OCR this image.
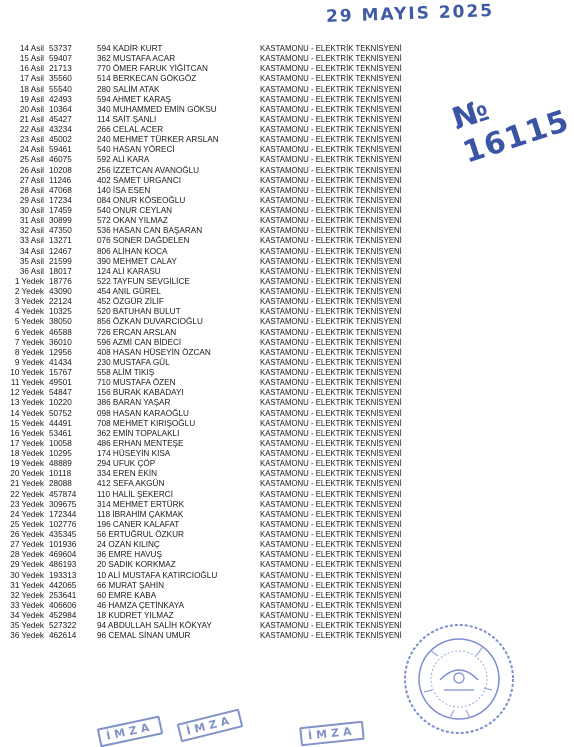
29 MAYIS 2025
№ 16115
14 Asil 53737	594 KADİR KURT	KASTAMONU - ELEKTRİK TEKNİSYENİ
15 Asil 59407	362 MUSTAFA ACAR	KASTAMONU - ELEKTRİK TEKNİSYENİ
16 Asil 21713	770 ÖMER FARUK YİĞİTCAN	KASTAMONU - ELEKTRİK TEKNİSYENİ
17 Asil 35560	514 BERKECAN GÖKGÖZ	KASTAMONU - ELEKTRİK TEKNİSYENİ
18 Asil 55540	280 SALİM ATAK	KASTAMONU - ELEKTRİK TEKNİSYENİ
19 Asil 42493	594 AHMET KARAŞ	KASTAMONU - ELEKTRİK TEKNİSYENİ
20 Asil 10364	340 MUHAMMED EMİN GÖKSU	KASTAMONU - ELEKTRİK TEKNİSYENİ
21 Asil 45427	114 SAİT ŞANLI	KASTAMONU - ELEKTRİK TEKNİSYENİ
22 Asil 43234	266 CELAL ACER	KASTAMONU - ELEKTRİK TEKNİSYENİ
23 Asil 45002	240 MEHMET TÜRKER ARSLAN	KASTAMONU - ELEKTRİK TEKNİSYENİ
24 Asil 59461	540 HASAN YÖRECİ	KASTAMONU - ELEKTRİK TEKNİSYENİ
25 Asil 46075	592 ALİ KARA	KASTAMONU - ELEKTRİK TEKNİSYENİ
26 Asil 10208	256 İZZETCAN AVANOĞLU	KASTAMONU - ELEKTRİK TEKNİSYENİ
27 Asil 11246	402 SAMET URGANCI	KASTAMONU - ELEKTRİK TEKNİSYENİ
28 Asil 47068	140 İSA ESEN	KASTAMONU - ELEKTRİK TEKNİSYENİ
29 Asil 17234	084 ONUR KÖSEOĞLU	KASTAMONU - ELEKTRİK TEKNİSYENİ
30 Asil 17459	540 ONUR CEYLAN	KASTAMONU - ELEKTRİK TEKNİSYENİ
31 Asil 30899	572 OKAN YILMAZ	KASTAMONU - ELEKTRİK TEKNİSYENİ
32 Asil 47350	536 HASAN CAN BAŞARAN	KASTAMONU - ELEKTRİK TEKNİSYENİ
33 Asil 13271	076 SONER DAĞDELEN	KASTAMONU - ELEKTRİK TEKNİSYENİ
34 Asil 12467	806 ALİHAN KOCA	KASTAMONU - ELEKTRİK TEKNİSYENİ
35 Asil 21599	390 MEHMET CALAY	KASTAMONU - ELEKTRİK TEKNİSYENİ
36 Asil 18017	124 ALİ KARASU	KASTAMONU - ELEKTRİK TEKNİSYENİ
1 Yedek 18776	522 TAYFUN SEVGİLİCE	KASTAMONU - ELEKTRİK TEKNİSYENİ
2 Yedek 43090	454 ANIL GÜREL	KASTAMONU - ELEKTRİK TEKNİSYENİ
3 Yedek 22124	452 ÖZGÜR ZİLİF	KASTAMONU - ELEKTRİK TEKNİSYENİ
4 Yedek 10325	520 BATUHAN BULUT	KASTAMONU - ELEKTRİK TEKNİSYENİ
5 Yedek 38050	856 ÖZKAN DUVARCIOĞLU	KASTAMONU - ELEKTRİK TEKNİSYENİ
6 Yedek 46588	726 ERCAN ARSLAN	KASTAMONU - ELEKTRİK TEKNİSYENİ
7 Yedek 36010	596 AZMİ CAN BİDECİ	KASTAMONU - ELEKTRİK TEKNİSYENİ
8 Yedek 12956	408 HASAN HÜSEYİN ÖZCAN	KASTAMONU - ELEKTRİK TEKNİSYENİ
9 Yedek 41434	230 MUSTAFA GÜL	KASTAMONU - ELEKTRİK TEKNİSYENİ
10 Yedek 15767	558 ALİM TIKIŞ	KASTAMONU - ELEKTRİK TEKNİSYENİ
11 Yedek 49501	710 MUSTAFA ÖZEN	KASTAMONU - ELEKTRİK TEKNİSYENİ
12 Yedek 54847	156 BURAK KABADAYI	KASTAMONU - ELEKTRİK TEKNİSYENİ
13 Yedek 10220	386 BARAN YAŞAR	KASTAMONU - ELEKTRİK TEKNİSYENİ
14 Yedek 50752	098 HASAN KARAOĞLU	KASTAMONU - ELEKTRİK TEKNİSYENİ
15 Yedek 44491	708 MEHMET KIRIŞOĞLU	KASTAMONU - ELEKTRİK TEKNİSYENİ
16 Yedek 53461	362 EMİN TOPALAKLI	KASTAMONU - ELEKTRİK TEKNİSYENİ
17 Yedek 10058	486 ERHAN MENTEŞE	KASTAMONU - ELEKTRİK TEKNİSYENİ
18 Yedek 10295	174 HÜSEYİN KISA	KASTAMONU - ELEKTRİK TEKNİSYENİ
19 Yedek 48889	294 UFUK ÇÖP	KASTAMONU - ELEKTRİK TEKNİSYENİ
20 Yedek 10118	334 EREN EKİN	KASTAMONU - ELEKTRİK TEKNİSYENİ
21 Yedek 28088	412 SEFA AKGÜN	KASTAMONU - ELEKTRİK TEKNİSYENİ
22 Yedek 457874	110 HALİL ŞEKERCİ	KASTAMONU - ELEKTRİK TEKNİSYENİ
23 Yedek 309675	314 MEHMET ERTÜRK	KASTAMONU - ELEKTRİK TEKNİSYENİ
24 Yedek 172344	118 İBRAHİM ÇAKMAK	KASTAMONU - ELEKTRİK TEKNİSYENİ
25 Yedek 102776	196 CANER KALAFAT	KASTAMONU - ELEKTRİK TEKNİSYENİ
26 Yedek 435345	56 ERTUĞRUL ÖZKUR	KASTAMONU - ELEKTRİK TEKNİSYENİ
27 Yedek 101936	24 OZAN KILINÇ	KASTAMONU - ELEKTRİK TEKNİSYENİ
28 Yedek 469604	36 EMRE HAVUŞ	KASTAMONU - ELEKTRİK TEKNİSYENİ
29 Yedek 486193	20 SADIK KORKMAZ	KASTAMONU - ELEKTRİK TEKNİSYENİ
30 Yedek 193313	10 ALİ MUSTAFA KATIRCIOĞLU	KASTAMONU - ELEKTRİK TEKNİSYENİ
31 Yedek 442065	66 MURAT ŞAHİN	KASTAMONU - ELEKTRİK TEKNİSYENİ
32 Yedek 253641	60 EMRE KABA	KASTAMONU - ELEKTRİK TEKNİSYENİ
33 Yedek 406606	46 HAMZA ÇETİNKAYA	KASTAMONU - ELEKTRİK TEKNİSYENİ
34 Yedek 452984	18 KUDRET YILMAZ	KASTAMONU - ELEKTRİK TEKNİSYENİ
35 Yedek 527322	94 ABDULLAH SALİH KÖKYAY	KASTAMONU - ELEKTRİK TEKNİSYENİ
36 Yedek 462614	96 CEMAL SİNAN UMUR	KASTAMONU - ELEKTRİK TEKNİSYENİ
İMZA	İMZA	İMZA
